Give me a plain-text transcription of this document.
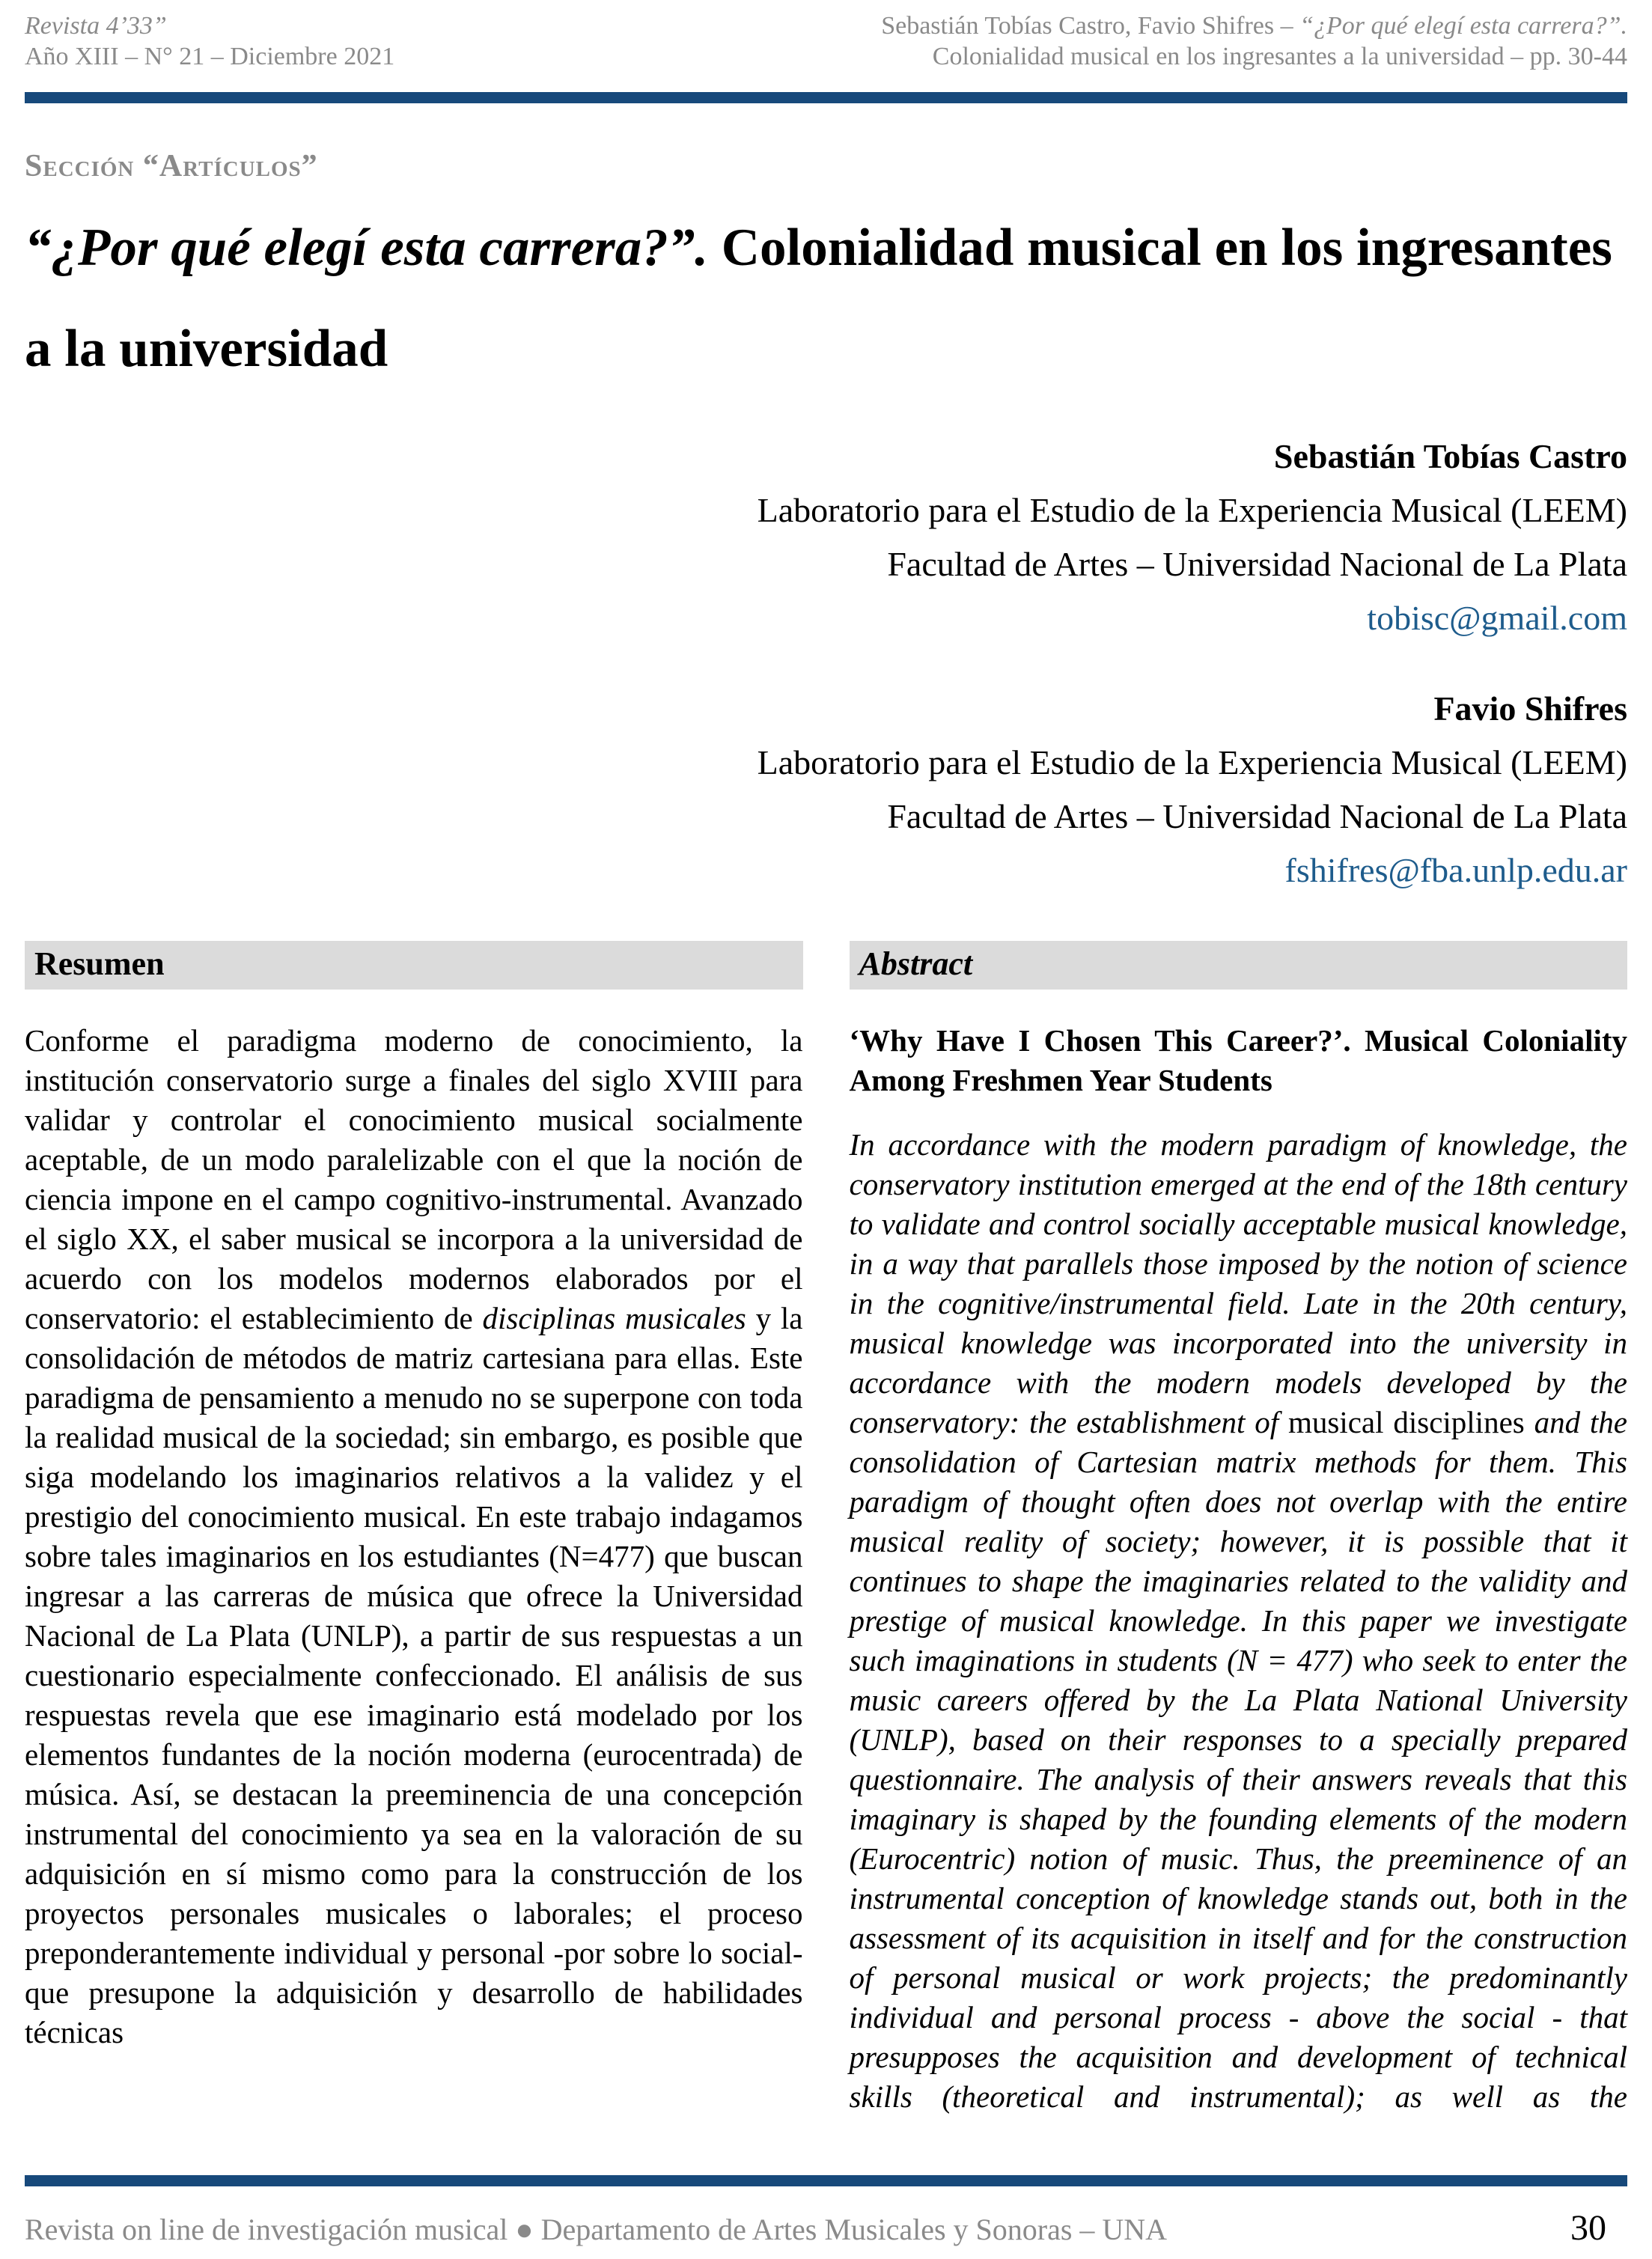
Revista 4’33”
Año XIII – N° 21 – Diciembre 2021
Sebastián Tobías Castro, Favio Shifres – “¿Por qué elegí esta carrera?”.
Colonialidad musical en los ingresantes a la universidad – pp. 30-44
Sección “Artículos”
“¿Por qué elegí esta carrera?”. Colonialidad musical en los ingresantes a la universidad
Sebastián Tobías Castro
Laboratorio para el Estudio de la Experiencia Musical (LEEM)
Facultad de Artes – Universidad Nacional de La Plata
tobisc@gmail.com
Favio Shifres
Laboratorio para el Estudio de la Experiencia Musical (LEEM)
Facultad de Artes – Universidad Nacional de La Plata
fshifres@fba.unlp.edu.ar
Resumen

Conforme el paradigma moderno de conocimiento, la institución conservatorio surge a finales del siglo XVIII para validar y controlar el conocimiento musical socialmente aceptable, de un modo paralelizable con el que la noción de ciencia impone en el campo cognitivo-instrumental. Avanzado el siglo XX, el saber musical se incorpora a la universidad de acuerdo con los modelos modernos elaborados por el conservatorio: el establecimiento de disciplinas musicales y la consolidación de métodos de matriz cartesiana para ellas. Este paradigma de pensamiento a menudo no se superpone con toda la realidad musical de la sociedad; sin embargo, es posible que siga modelando los imaginarios relativos a la validez y el prestigio del conocimiento musical. En este trabajo indagamos sobre tales imaginarios en los estudiantes (N=477) que buscan ingresar a las carreras de música que ofrece la Universidad Nacional de La Plata (UNLP), a partir de sus respuestas a un cuestionario especialmente confeccionado. El análisis de sus respuestas revela que ese imaginario está modelado por los elementos fundantes de la noción moderna (eurocentrada) de música. Así, se destacan la preeminencia de una concepción instrumental del conocimiento ya sea en la valoración de su adquisición en sí mismo como para la construcción de los proyectos personales musicales o laborales; el proceso preponderantemente individual y personal -por sobre lo social- que presupone la adquisición y desarrollo de habilidades técnicas

Abstract

‘Why Have I Chosen This Career?’. Musical Coloniality Among Freshmen Year Students

In accordance with the modern paradigm of knowledge, the conservatory institution emerged at the end of the 18th century to validate and control socially acceptable musical knowledge, in a way that parallels those imposed by the notion of science in the cognitive/instrumental field. Late in the 20th century, musical knowledge was incorporated into the university in accordance with the modern models developed by the conservatory: the establishment of musical disciplines and the consolidation of Cartesian matrix methods for them. This paradigm of thought often does not overlap with the entire musical reality of society; however, it is possible that it continues to shape the imaginaries related to the validity and prestige of musical knowledge. In this paper we investigate such imaginations in students (N = 477) who seek to enter the music careers offered by the La Plata National University (UNLP), based on their responses to a specially prepared questionnaire. The analysis of their answers reveals that this imaginary is shaped by the founding elements of the modern (Eurocentric) notion of music. Thus, the preeminence of an instrumental conception of knowledge stands out, both in the assessment of its acquisition in itself and for the construction of personal musical or work projects; the predominantly individual and personal process - above the social - that presupposes the acquisition and development of technical skills (theoretical and instrumental); as well as the

Revista on line de investigación musical ● Departamento de Artes Musicales y Sonoras – UNA	30
